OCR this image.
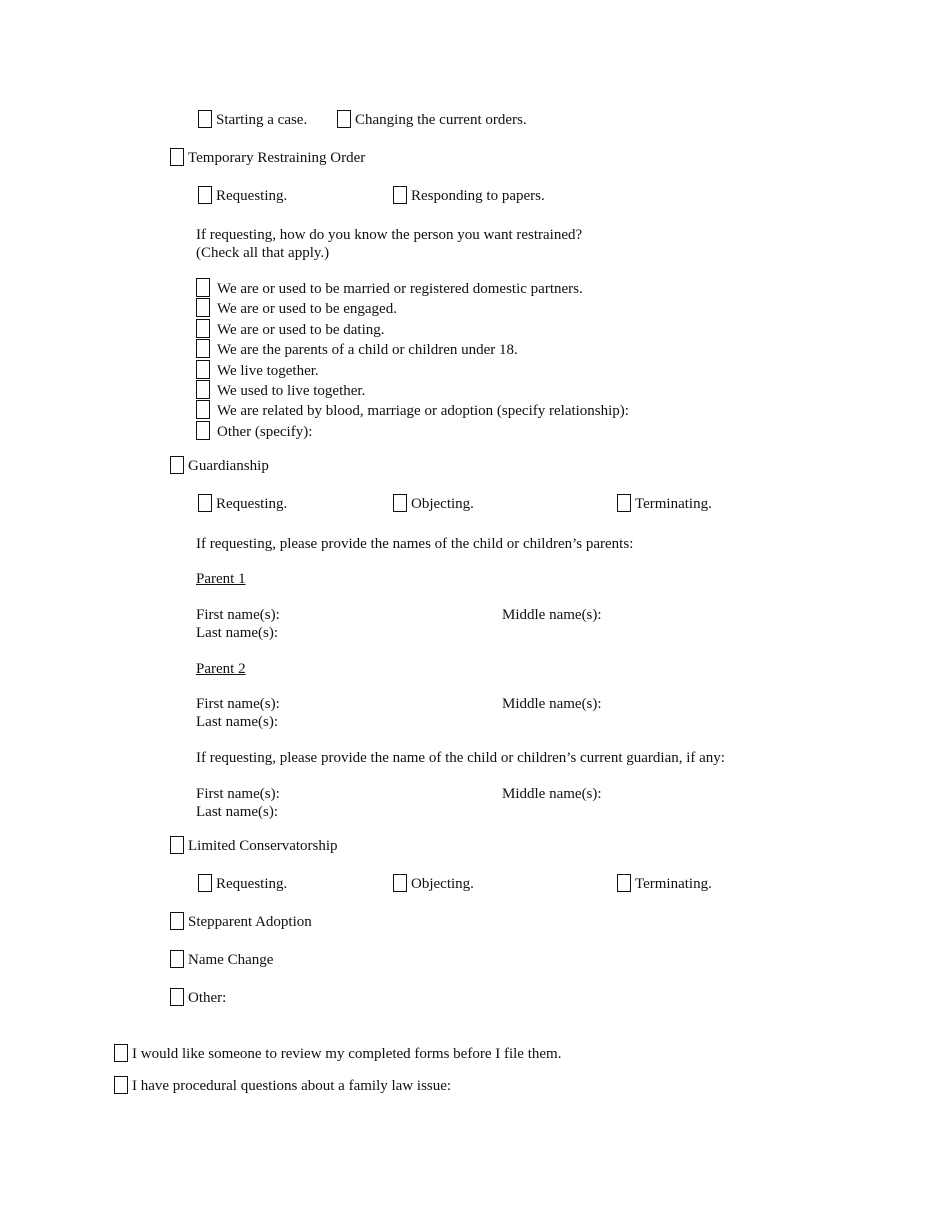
Starting a case.	Changing the current orders.
Temporary Restraining Order
Requesting.	Responding to papers.
If requesting, how do you know the person you want restrained?
(Check all that apply.)
We are or used to be married or registered domestic partners.
We are or used to be engaged.
We are or used to be dating.
We are the parents of a child or children under 18.
We live together.
We used to live together.
We are related by blood, marriage or adoption (specify relationship):
Other (specify):
Guardianship
Requesting.	Objecting.	Terminating.
If requesting, please provide the names of the child or children’s parents:
Parent 1
First name(s):	Middle name(s):
Last name(s):
Parent 2
First name(s):	Middle name(s):
Last name(s):
If requesting, please provide the name of the child or children’s current guardian, if any:
First name(s):	Middle name(s):
Last name(s):
Limited Conservatorship
Requesting.	Objecting.	Terminating.
Stepparent Adoption
Name Change
Other:
I would like someone to review my completed forms before I file them.
I have procedural questions about a family law issue:
